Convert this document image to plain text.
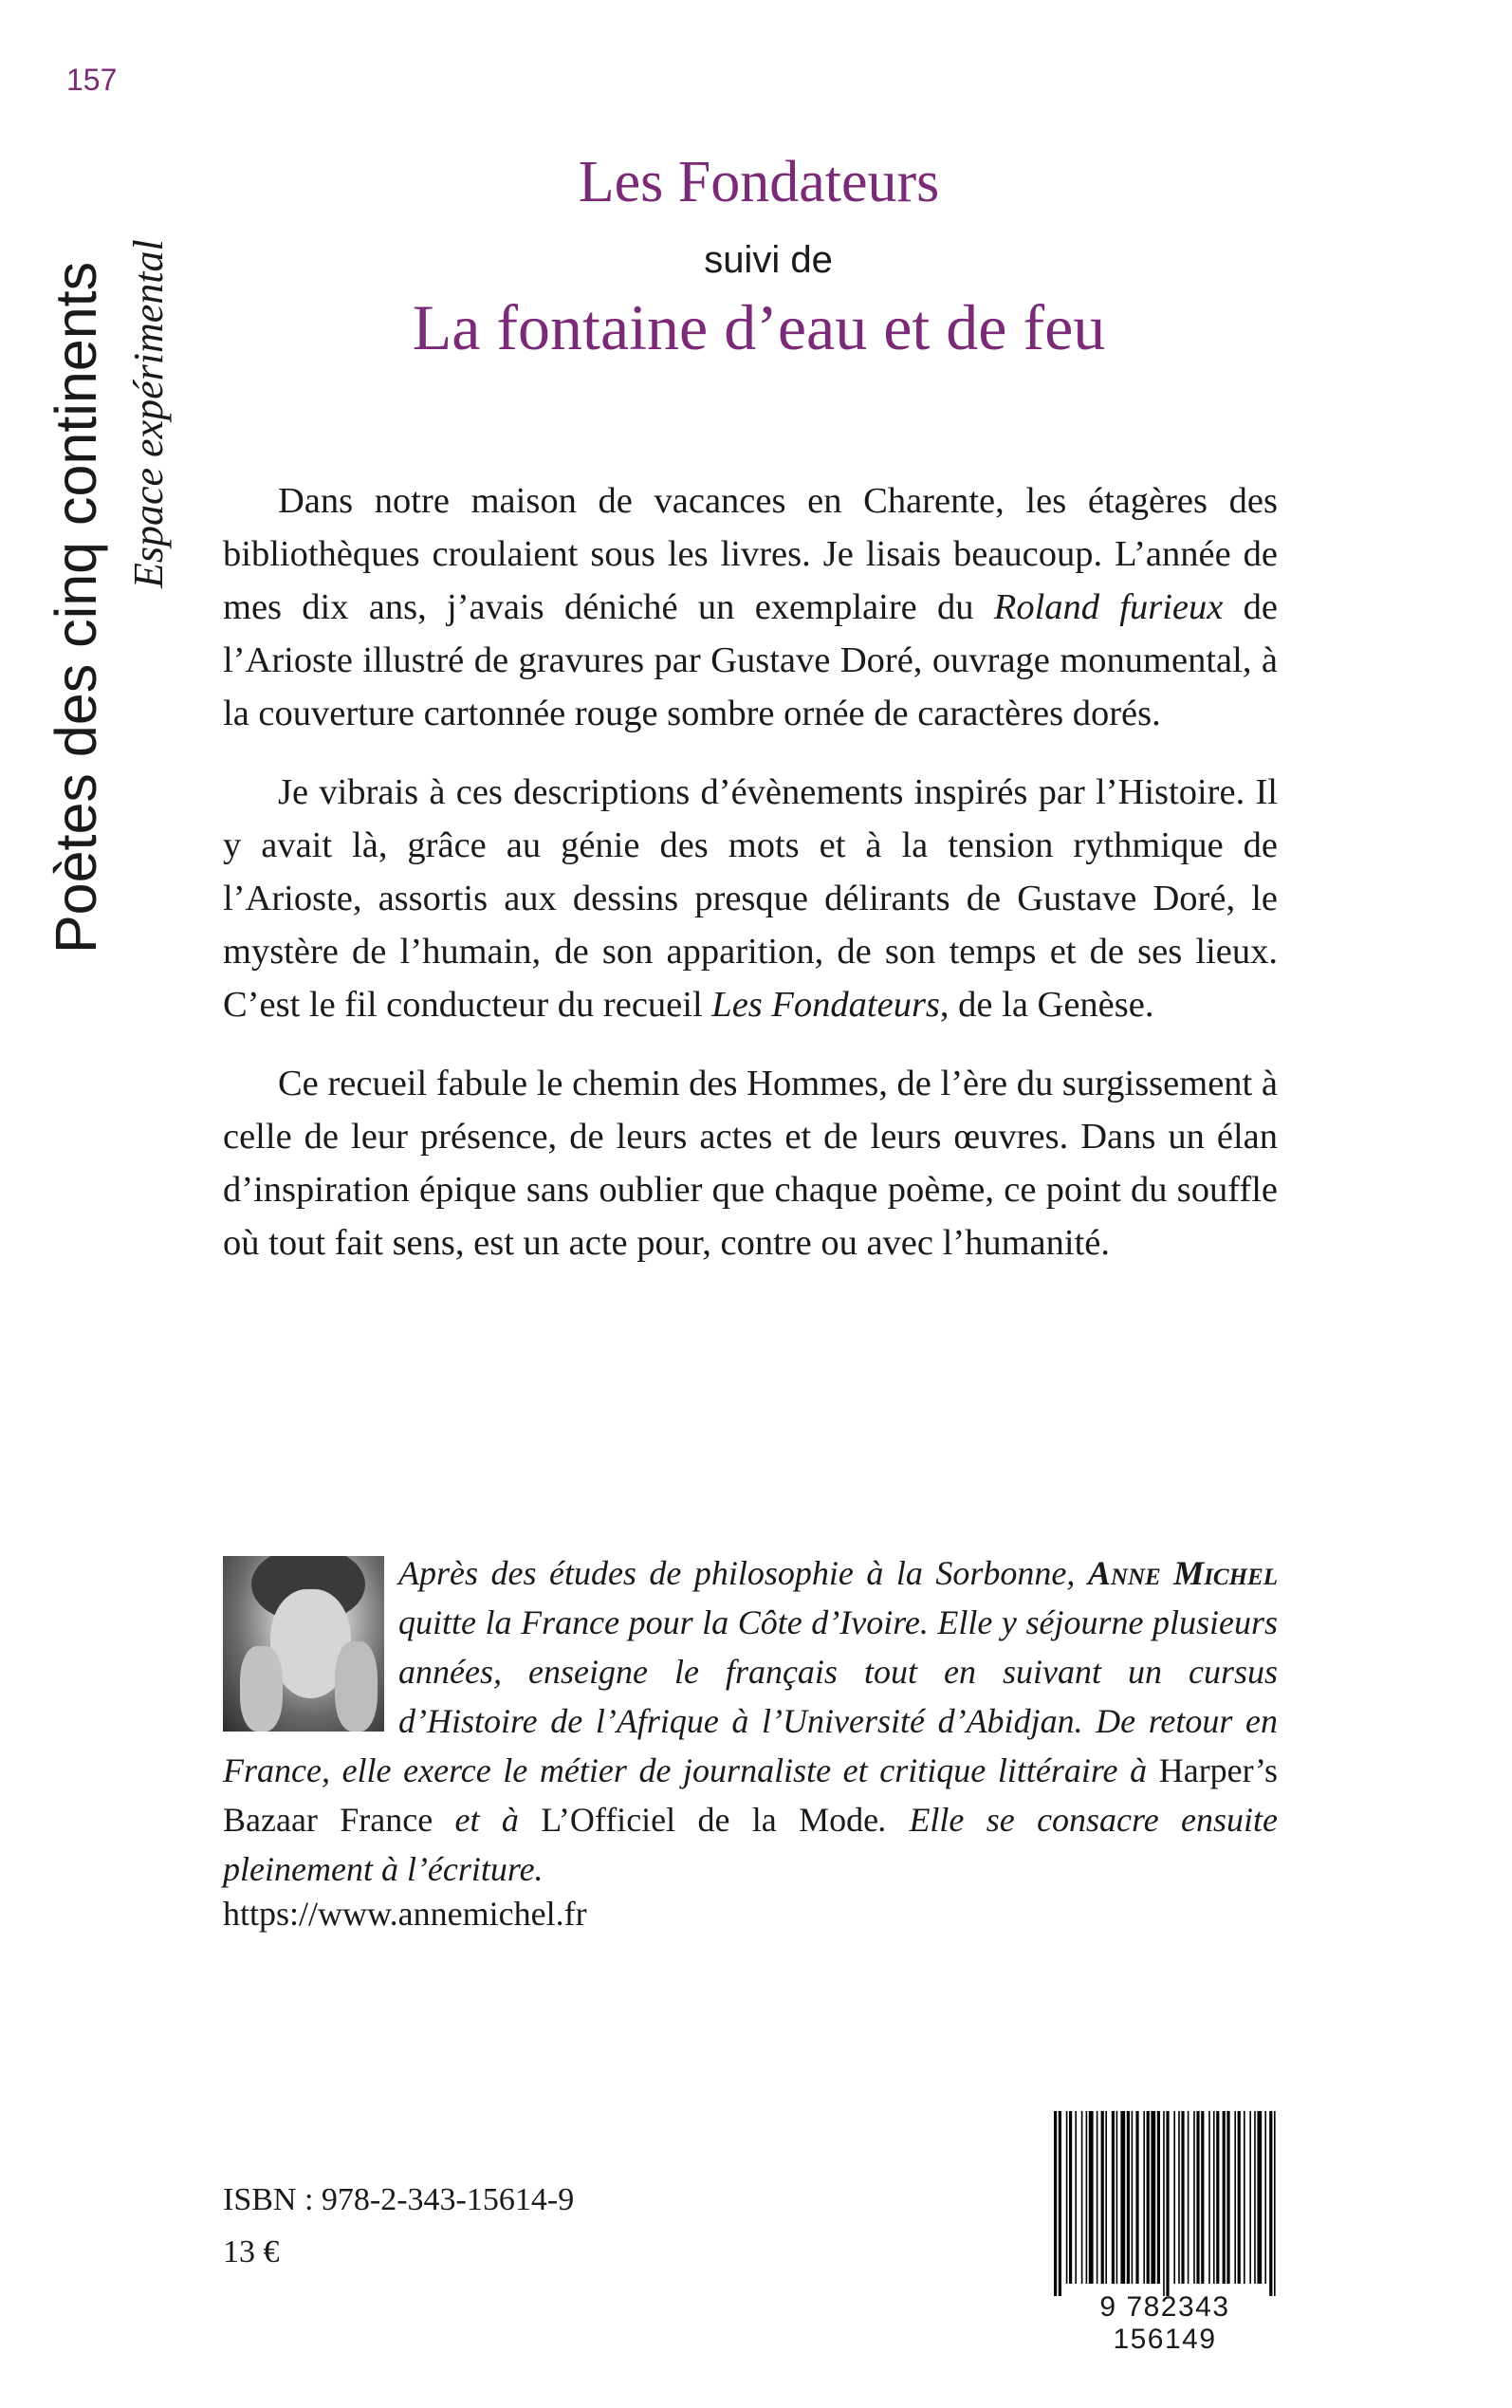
157
Poètes des cinq continents Espace expérimental
Les Fondateurs
suivi de
La fontaine d’eau et de feu

Dans notre maison de vacances en Charente, les étagères des bibliothèques croulaient sous les livres. Je lisais beaucoup. L’année de mes dix ans, j’avais déniché un exemplaire du Roland furieux de l’Arioste illustré de gravures par Gustave Doré, ouvrage monumental, à la couverture cartonnée rouge sombre ornée de caractères dorés.

Je vibrais à ces descriptions d’évènements inspirés par l’Histoire. Il y avait là, grâce au génie des mots et à la tension rythmique de l’Arioste, assortis aux dessins presque délirants de Gustave Doré, le mystère de l’humain, de son apparition, de son temps et de ses lieux. C’est le fil conducteur du recueil Les Fondateurs, de la Genèse.

Ce recueil fabule le chemin des Hommes, de l’ère du surgissement à celle de leur présence, de leurs actes et de leurs œuvres. Dans un élan d’inspiration épique sans oublier que chaque poème, ce point du souffle où tout fait sens, est un acte pour, contre ou avec l’humanité.

Après des études de philosophie à la Sorbonne, Anne Michel quitte la France pour la Côte d’Ivoire. Elle y séjourne plusieurs années, enseigne le français tout en suivant un cursus d’Histoire de l’Afrique à l’Université d’Abidjan. De retour en France, elle exerce le métier de journaliste et critique littéraire à Harper’s Bazaar France et à L’Officiel de la Mode. Elle se consacre ensuite pleinement à l’écriture.
https://www.annemichel.fr
ISBN : 978-2-343-15614-9
13 €
9 782343 156149
